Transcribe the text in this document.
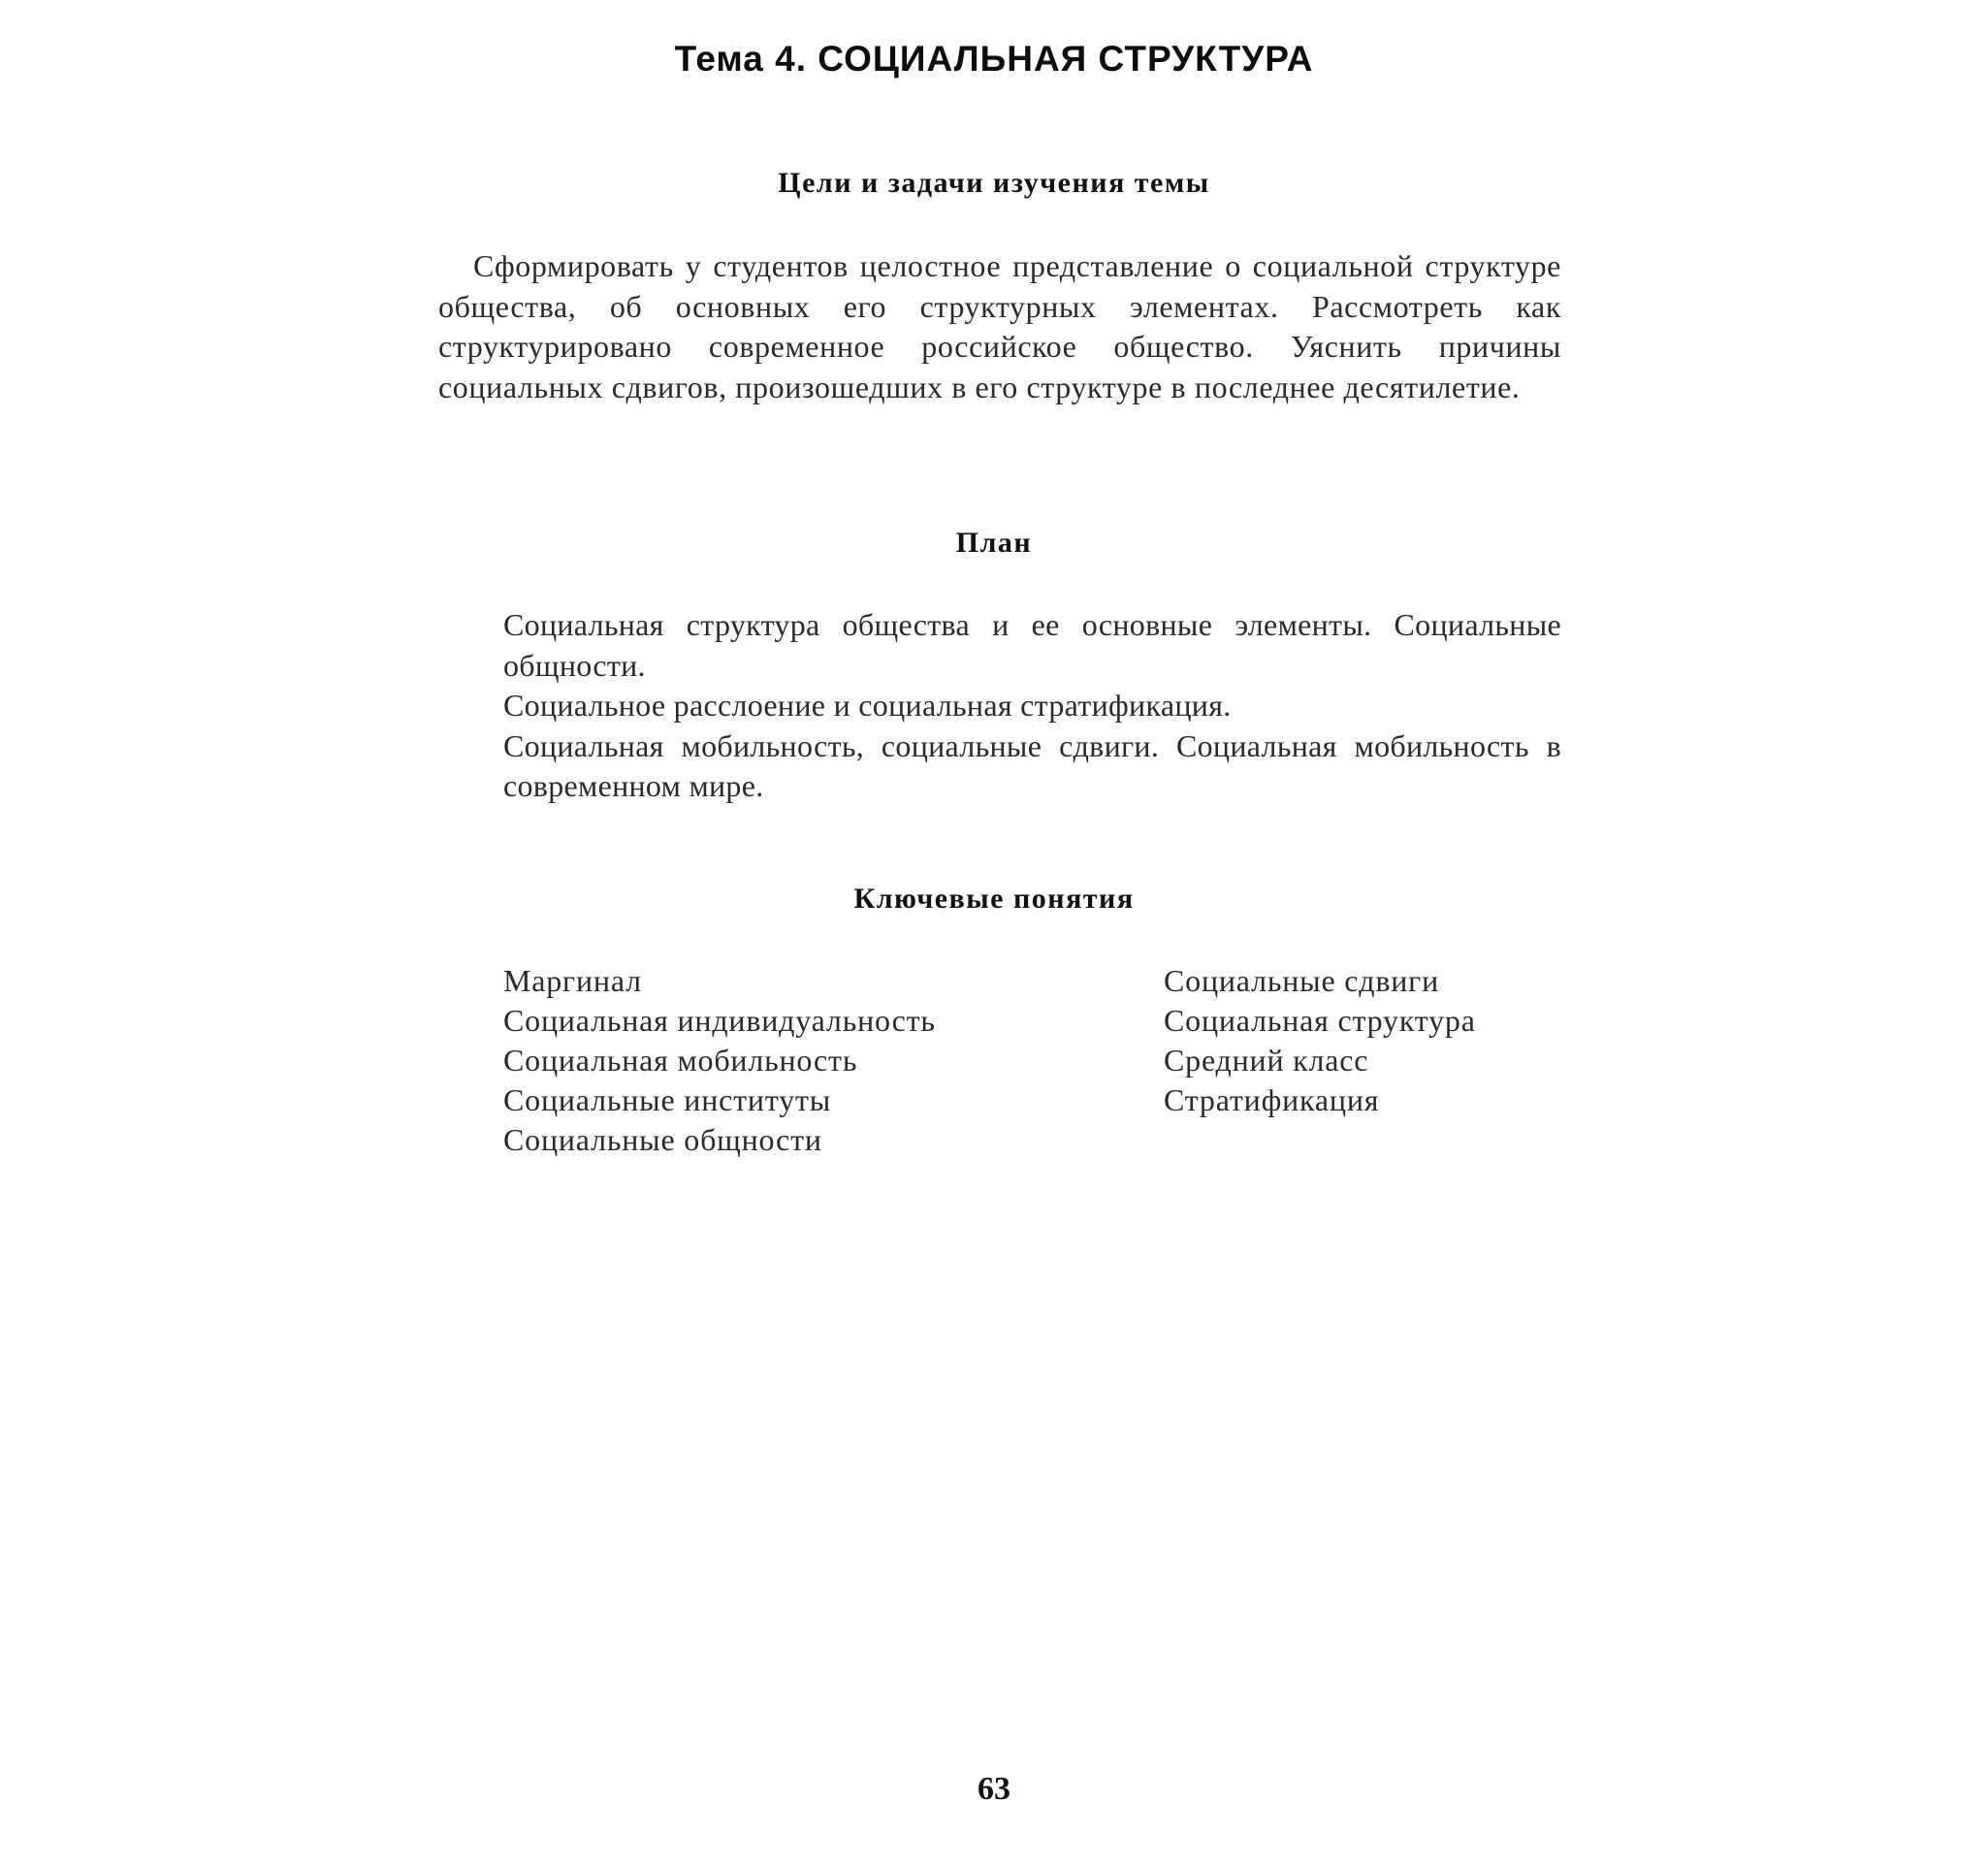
Тема 4. СОЦИАЛЬНАЯ СТРУКТУРА
Цели и задачи изучения темы

Сформировать у студентов целостное представление о социальной структуре общества, об основных его структурных элементах. Рассмотреть как структурировано современное российское общество. Уяснить причины социальных сдвигов, произошедших в его структуре в последнее десятилетие.

План
Социальная структура общества и ее основные элементы. Социальные общности.
Социальное расслоение и социальная стратификация.
Социальная мобильность, социальные сдвиги. Социальная мобильность в современном мире.
Ключевые понятия
Маргинал
Социальная индивидуальность
Социальная мобильность
Социальные институты
Социальные общности
Социальные сдвиги
Социальная структура
Средний класс
Стратификация
63
